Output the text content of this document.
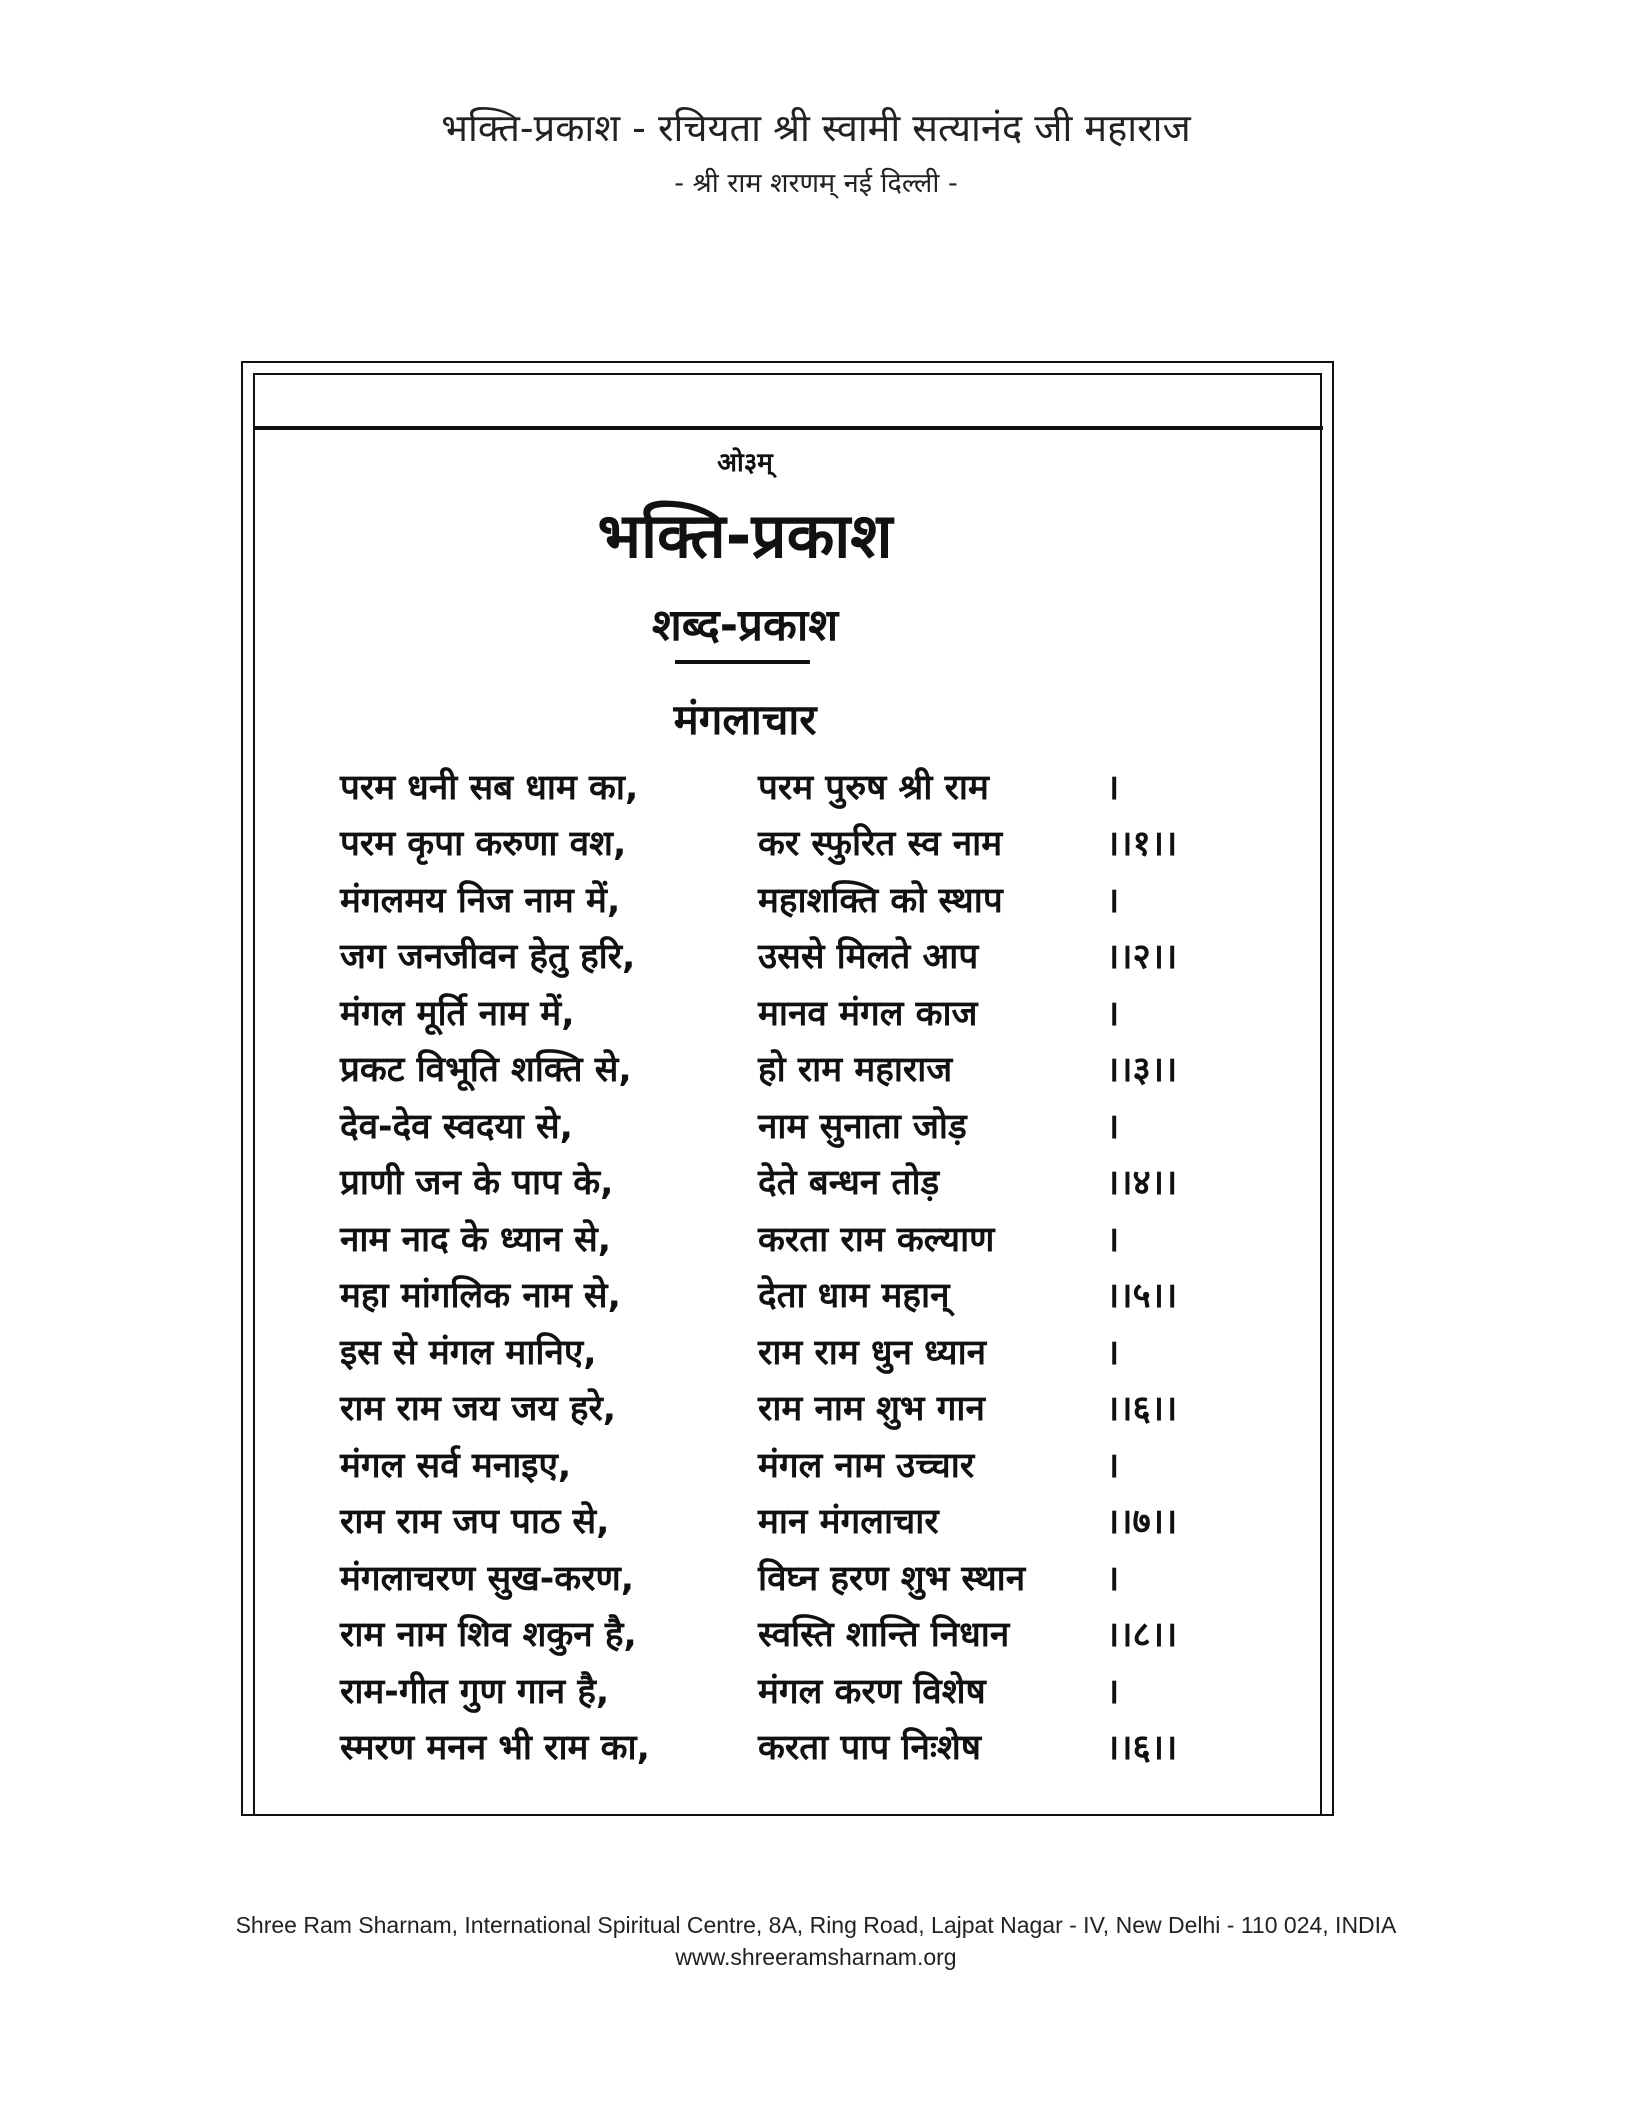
भक्ति-प्रकाश - रचियता श्री स्वामी सत्यानंद जी महाराज
- श्री राम शरणम् नई दिल्ली -
ओ३म्
भक्ति-प्रकाश
शब्द-प्रकाश
मंगलाचार
परम धनी सब धाम का,	परम पुरुष श्री राम	।
परम कृपा करुणा वश,	कर स्फुरित स्व नाम	।।१।।
मंगलमय निज नाम में,	महाशक्ति को स्थाप	।
जग जनजीवन हेतु हरि,	उससे मिलते आप	।।२।।
मंगल मूर्ति नाम में,	मानव मंगल काज	।
प्रकट विभूति शक्ति से,	हो राम महाराज	।।३।।
देव-देव स्वदया से,	नाम सुनाता जोड़	।
प्राणी जन के पाप के,	देते बन्धन तोड़	।।४।।
नाम नाद के ध्यान से,	करता राम कल्याण	।
महा मांगलिक नाम से,	देता धाम महान्	।।५।।
इस से मंगल मानिए,	राम राम धुन ध्यान	।
राम राम जय जय हरे,	राम नाम शुभ गान	।।६।।
मंगल सर्व मनाइए,	मंगल नाम उच्चार	।
राम राम जप पाठ से,	मान मंगलाचार	।।७।।
मंगलाचरण सुख-करण,	विघ्न हरण शुभ स्थान	।
राम नाम शिव शकुन है,	स्वस्ति शान्ति निधान	।।८।।
राम-गीत गुण गान है,	मंगल करण विशेष	।
स्मरण मनन भी राम का,	करता पाप निःशेष	।।६।।
Shree Ram Sharnam, International Spiritual Centre, 8A, Ring Road, Lajpat Nagar - IV, New Delhi - 110 024, INDIA
www.shreeramsharnam.org
